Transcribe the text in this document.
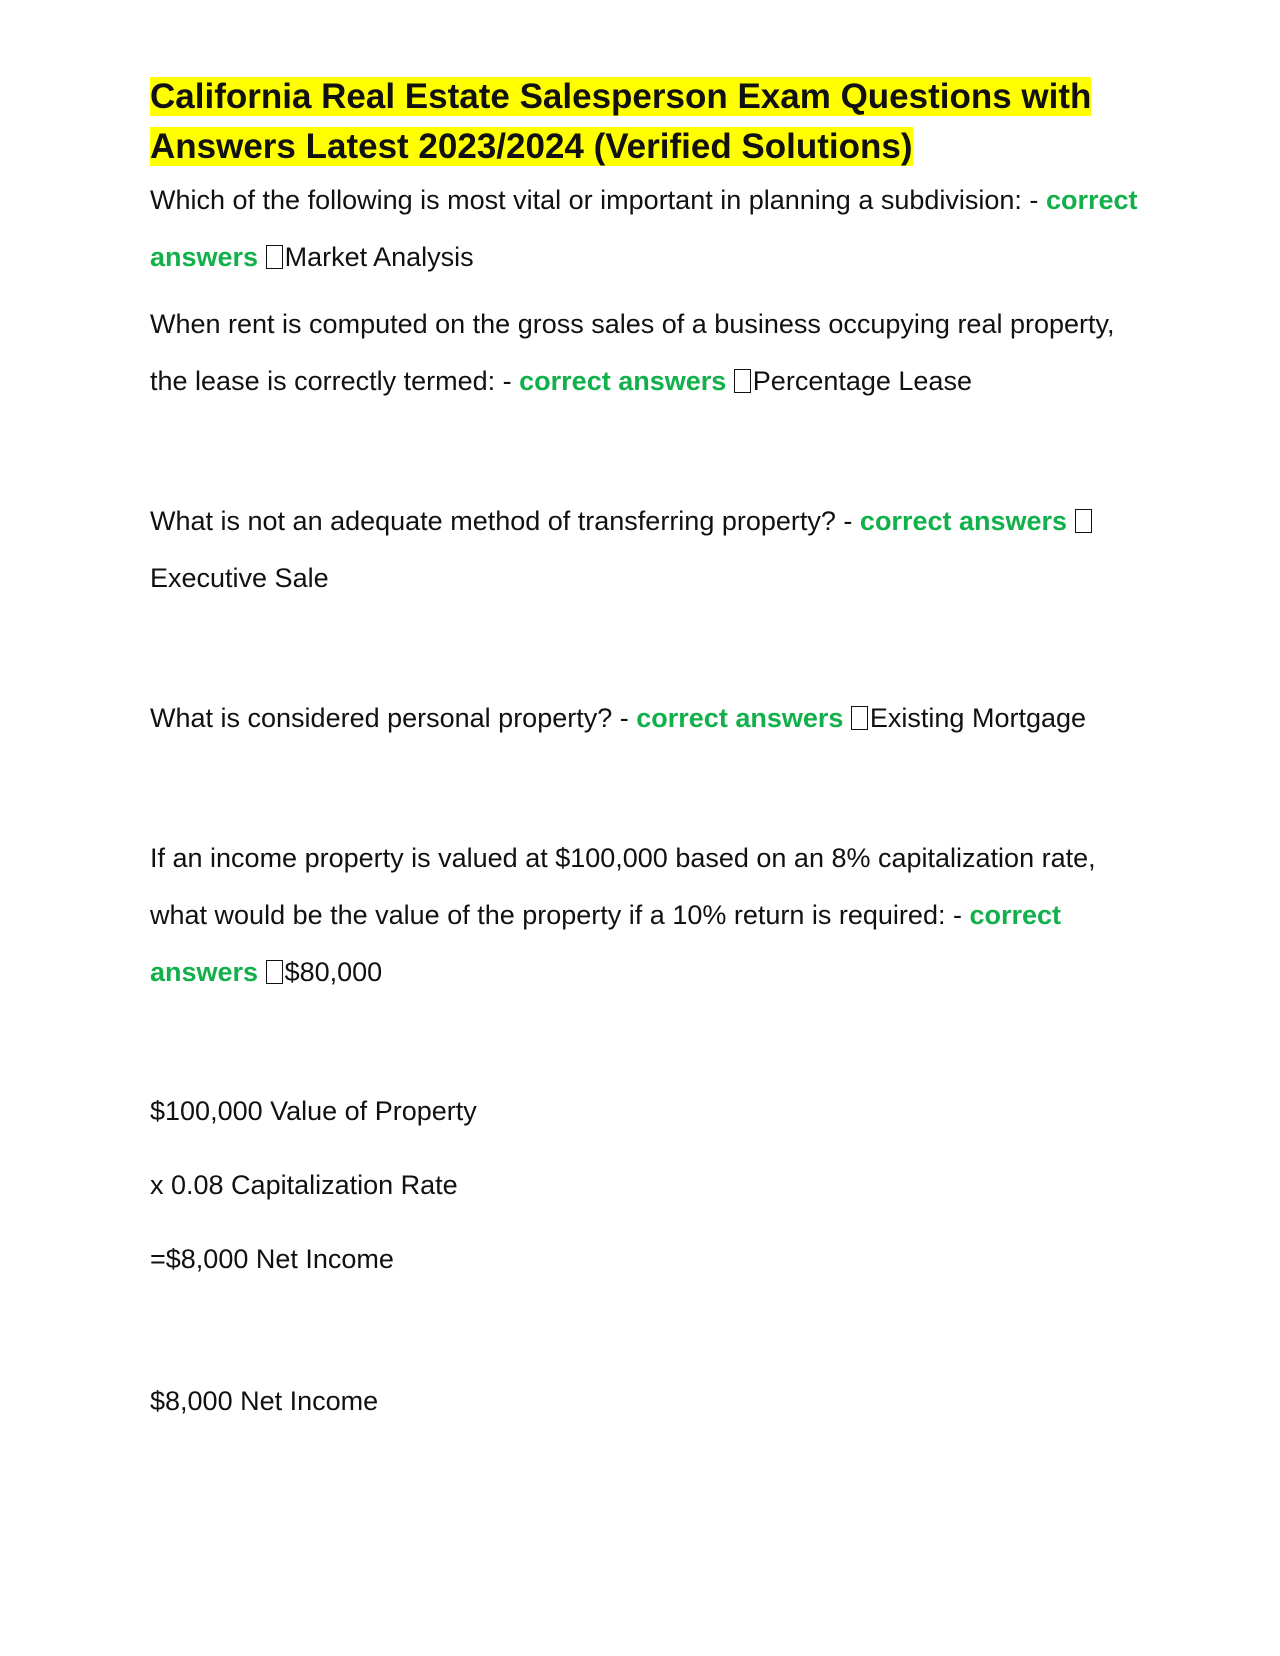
California Real Estate Salesperson Exam Questions with Answers Latest 2023/2024 (Verified Solutions)

Which of the following is most vital or important in planning a subdivision: - correct answers Market Analysis

When rent is computed on the gross sales of a business occupying real property, the lease is correctly termed: - correct answers Percentage Lease

What is not an adequate method of transferring property? - correct answers Executive Sale

What is considered personal property? - correct answers Existing Mortgage

If an income property is valued at $100,000 based on an 8% capitalization rate, what would be the value of the property if a 10% return is required: - correct answers $80,000

$100,000 Value of Property

x 0.08 Capitalization Rate

=$8,000 Net Income

$8,000 Net Income
